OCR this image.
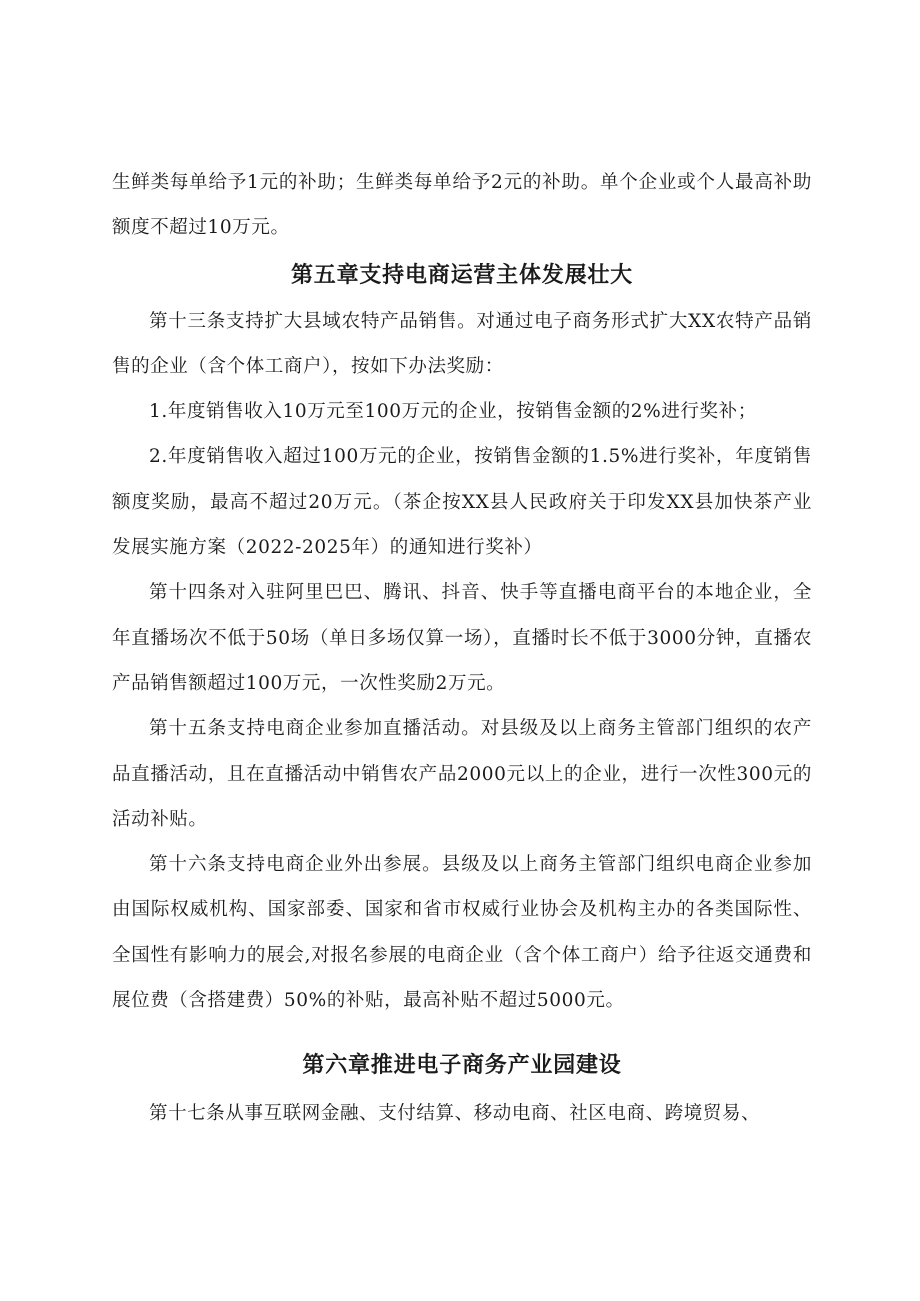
生鲜类每单给予1元的补助；生鲜类每单给予2元的补助。单个企业或个人最高补助额度不超过10万元。

第五章支持电商运营主体发展壮大

第十三条支持扩大县域农特产品销售。对通过电子商务形式扩大XX农特产品销售的企业（含个体工商户），按如下办法奖励：

1.年度销售收入10万元至100万元的企业，按销售金额的2%进行奖补；

2.年度销售收入超过100万元的企业，按销售金额的1.5%进行奖补，年度销售额度奖励，最高不超过20万元。（茶企按XX县人民政府关于印发XX县加快茶产业发展实施方案（2022-2025年）的通知进行奖补）

第十四条对入驻阿里巴巴、腾讯、抖音、快手等直播电商平台的本地企业，全年直播场次不低于50场（单日多场仅算一场），直播时长不低于3000分钟，直播农产品销售额超过100万元，一次性奖励2万元。

第十五条支持电商企业参加直播活动。对县级及以上商务主管部门组织的农产品直播活动，且在直播活动中销售农产品2000元以上的企业，进行一次性300元的活动补贴。

第十六条支持电商企业外出参展。县级及以上商务主管部门组织电商企业参加由国际权威机构、国家部委、国家和省市权威行业协会及机构主办的各类国际性、全国性有影响力的展会,对报名参展的电商企业（含个体工商户）给予往返交通费和展位费（含搭建费）50%的补贴，最高补贴不超过5000元。

第六章推进电子商务产业园建设

第十七条从事互联网金融、支付结算、移动电商、社区电商、跨境贸易、
